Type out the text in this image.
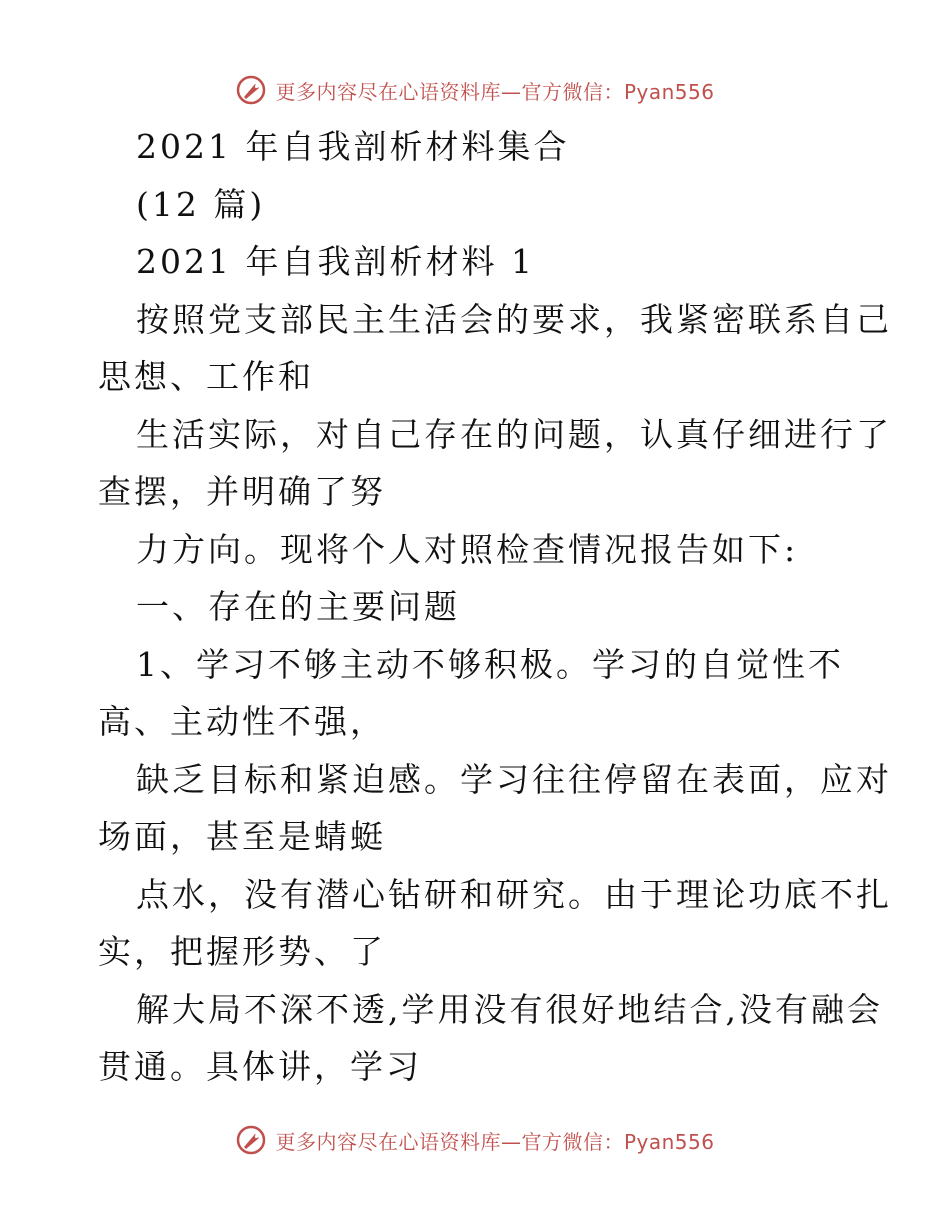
更多内容尽在心语资料库—官方微信：Pyan556
2021 年自我剖析材料集合
(12 篇)
2021 年自我剖析材料 1
按照党支部民主生活会的要求，我紧密联系自己
思想、工作和
生活实际，对自己存在的问题，认真仔细进行了
查摆，并明确了努
力方向。现将个人对照检查情况报告如下:
一、存在的主要问题
1、学习不够主动不够积极。学习的自觉性不
高、主动性不强，
缺乏目标和紧迫感。学习往往停留在表面，应对
场面，甚至是蜻蜓
点水，没有潜心钻研和研究。由于理论功底不扎
实，把握形势、了
解大局不深不透,学用没有很好地结合,没有融会
贯通。具体讲，学习
更多内容尽在心语资料库—官方微信：Pyan556
